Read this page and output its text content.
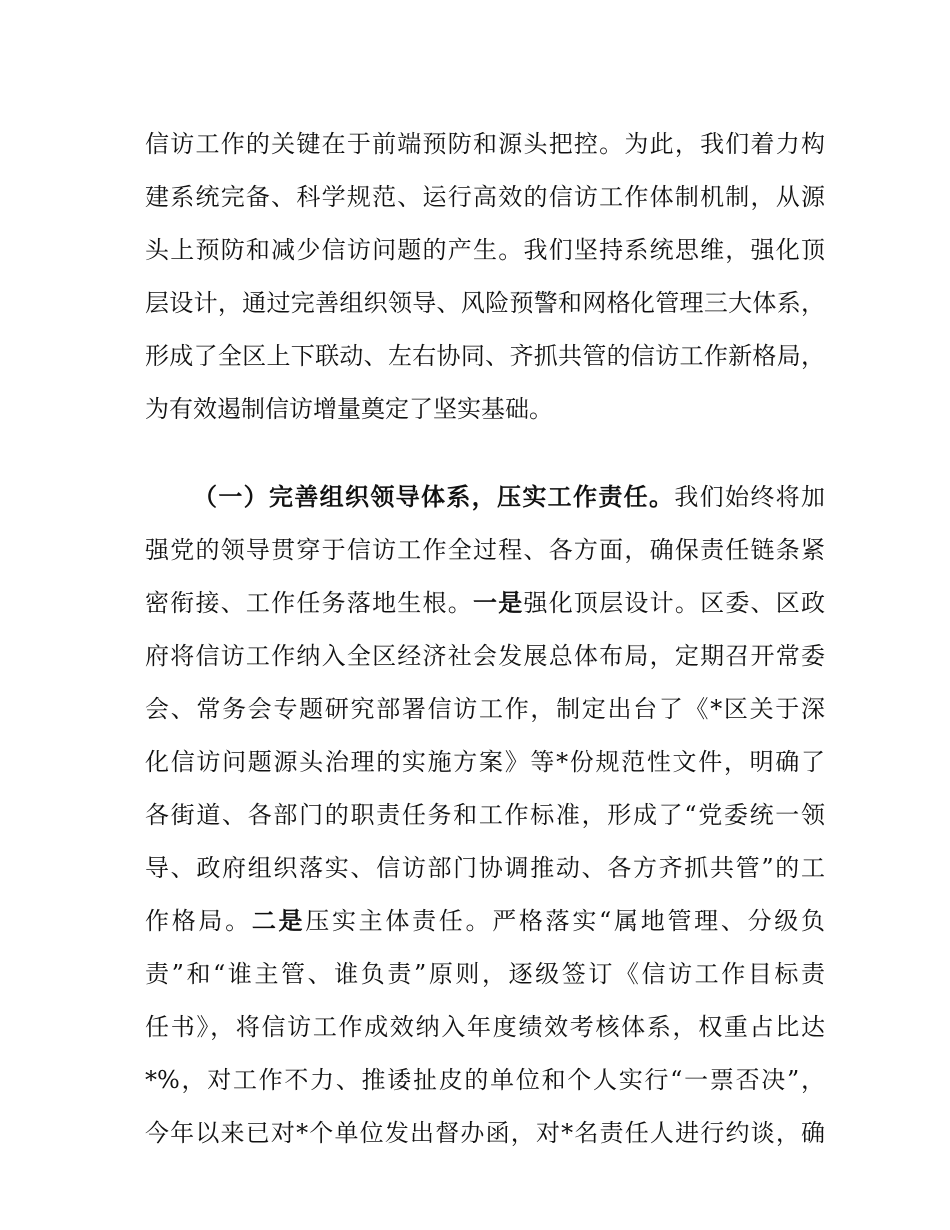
信访工作的关键在于前端预防和源头把控。为此，我们着力构
建系统完备、科学规范、运行高效的信访工作体制机制，从源
头上预防和减少信访问题的产生。我们坚持系统思维，强化顶
层设计，通过完善组织领导、风险预警和网格化管理三大体系，
形成了全区上下联动、左右协同、齐抓共管的信访工作新格局，
为有效遏制信访增量奠定了坚实基础。
（一）完善组织领导体系，压实工作责任。我们始终将加
强党的领导贯穿于信访工作全过程、各方面，确保责任链条紧
密衔接、工作任务落地生根。一是强化顶层设计。区委、区政
府将信访工作纳入全区经济社会发展总体布局，定期召开常委
会、常务会专题研究部署信访工作，制定出台了《*区关于深
化信访问题源头治理的实施方案》等*份规范性文件，明确了
各街道、各部门的职责任务和工作标准，形成了“党委统一领
导、政府组织落实、信访部门协调推动、各方齐抓共管”的工
作格局。二是压实主体责任。严格落实“属地管理、分级负
责”和“谁主管、谁负责”原则，逐级签订《信访工作目标责
任书》，将信访工作成效纳入年度绩效考核体系，权重占比达
*%，对工作不力、推诿扯皮的单位和个人实行“一票否决”，
今年以来已对*个单位发出督办函，对*名责任人进行约谈，确
